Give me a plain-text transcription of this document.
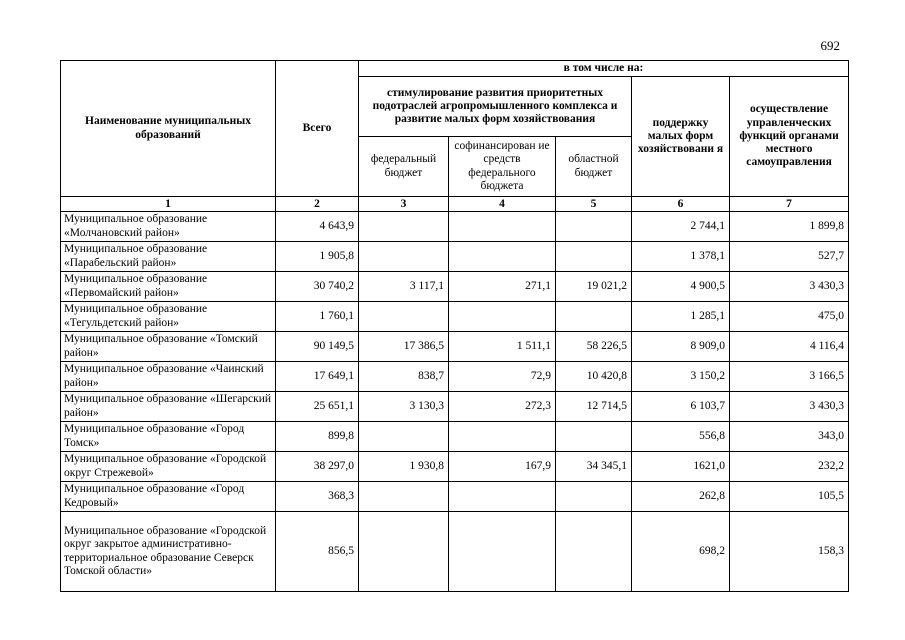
692
Наименование муниципальных образований	Всего	в том числе на:				
		стимулирование развития приоритетных подотраслей агропромышленного комплекса и развитие малых форм хозяйствования			поддержку малых форм хозяйствовани я	осуществление управленческих функций органами местного самоуправления
		федеральный бюджет	софинансирован ие средств федерального бюджета	областной бюджет		
1	2	3	4	5	6	7
Муниципальное образование «Молчановский район»	4 643,9				2 744,1	1 899,8
Муниципальное образование «Парабельский район»	1 905,8				1 378,1	527,7
Муниципальное образование «Первомайский район»	30 740,2	3 117,1	271,1	19 021,2	4 900,5	3 430,3
Муниципальное образование «Тегульдетский район»	1 760,1				1 285,1	475,0
Муниципальное образование «Томский район»	90 149,5	17 386,5	1 511,1	58 226,5	8 909,0	4 116,4
Муниципальное образование «Чаинский район»	17 649,1	838,7	72,9	10 420,8	3 150,2	3 166,5
Муниципальное образование «Шегарский район»	25 651,1	3 130,3	272,3	12 714,5	6 103,7	3 430,3
Муниципальное образование «Город Томск»	899,8				556,8	343,0
Муниципальное образование «Городской округ Стрежевой»	38 297,0	1 930,8	167,9	34 345,1	1621,0	232,2
Муниципальное образование «Город Кедровый»	368,3				262,8	105,5
Муниципальное образование «Городской округ закрытое административно-территориальное образование Северск Томской области»	856,5				698,2	158,3
